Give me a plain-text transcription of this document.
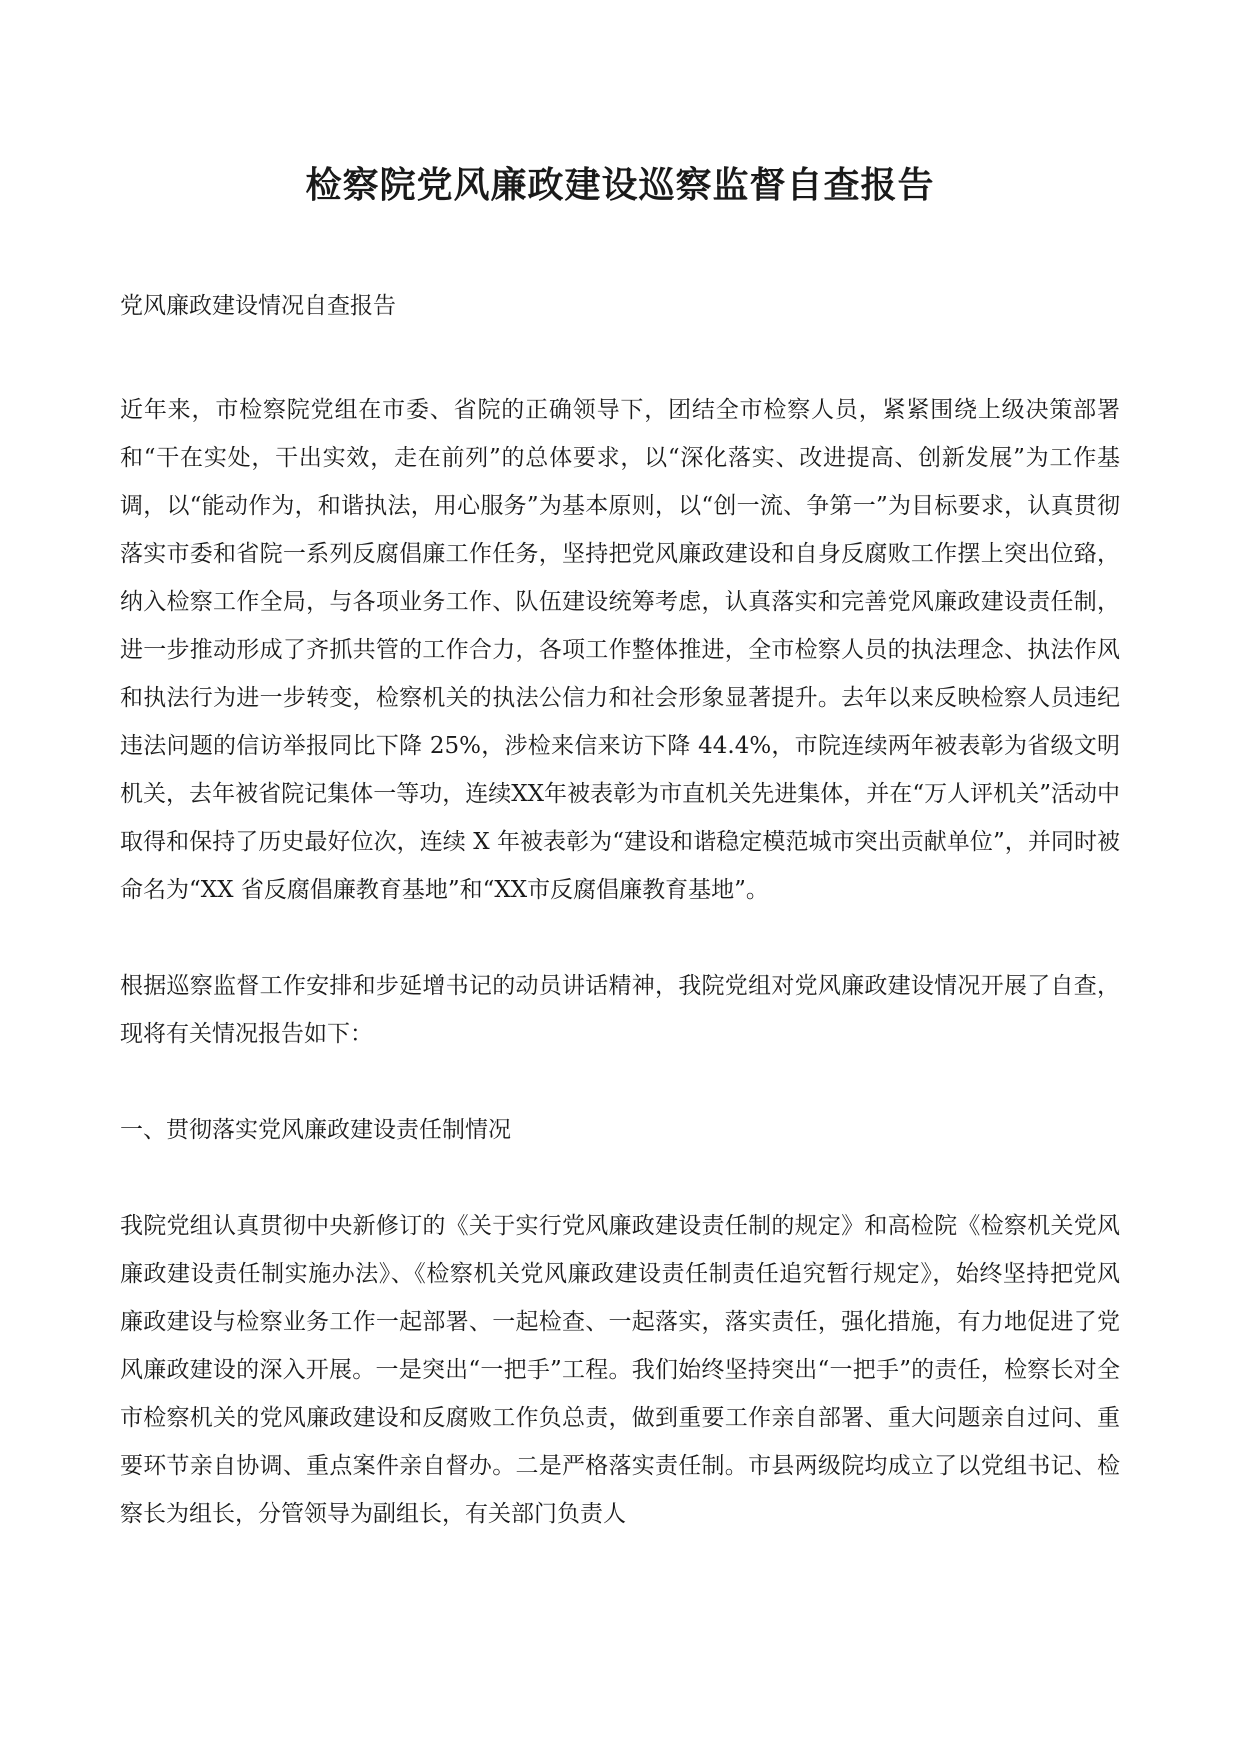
检察院党风廉政建设巡察监督自查报告

党风廉政建设情况自查报告

近年来，市检察院党组在市委、省院的正确领导下，团结全市检察人员，紧紧围绕上级决策部署和“干在实处，干出实效，走在前列”的总体要求，以“深化落实、改进提高、创新发展”为工作基调，以“能动作为，和谐执法，用心服务”为基本原则，以“创一流、争第一”为目标要求，认真贯彻落实市委和省院一系列反腐倡廉工作任务，坚持把党风廉政建设和自身反腐败工作摆上突出位臵，纳入检察工作全局，与各项业务工作、队伍建设统筹考虑，认真落实和完善党风廉政建设责任制，进一步推动形成了齐抓共管的工作合力，各项工作整体推进，全市检察人员的执法理念、执法作风和执法行为进一步转变，检察机关的执法公信力和社会形象显著提升。去年以来反映检察人员违纪违法问题的信访举报同比下降 25%，涉检来信来访下降 44.4%，市院连续两年被表彰为省级文明机关，去年被省院记集体一等功，连续XX年被表彰为市直机关先进集体，并在“万人评机关”活动中取得和保持了历史最好位次，连续 X 年被表彰为“建设和谐稳定模范城市突出贡献单位”，并同时被命名为“XX 省反腐倡廉教育基地”和“XX市反腐倡廉教育基地”。

根据巡察监督工作安排和步延增书记的动员讲话精神，我院党组对党风廉政建设情况开展了自查，现将有关情况报告如下：

一、贯彻落实党风廉政建设责任制情况

我院党组认真贯彻中央新修订的《关于实行党风廉政建设责任制的规定》和高检院《检察机关党风廉政建设责任制实施办法》、《检察机关党风廉政建设责任制责任追究暂行规定》，始终坚持把党风廉政建设与检察业务工作一起部署、一起检查、一起落实，落实责任，强化措施，有力地促进了党风廉政建设的深入开展。一是突出“一把手”工程。我们始终坚持突出“一把手”的责任，检察长对全市检察机关的党风廉政建设和反腐败工作负总责，做到重要工作亲自部署、重大问题亲自过问、重要环节亲自协调、重点案件亲自督办。二是严格落实责任制。市县两级院均成立了以党组书记、检察长为组长，分管领导为副组长，有关部门负责人
